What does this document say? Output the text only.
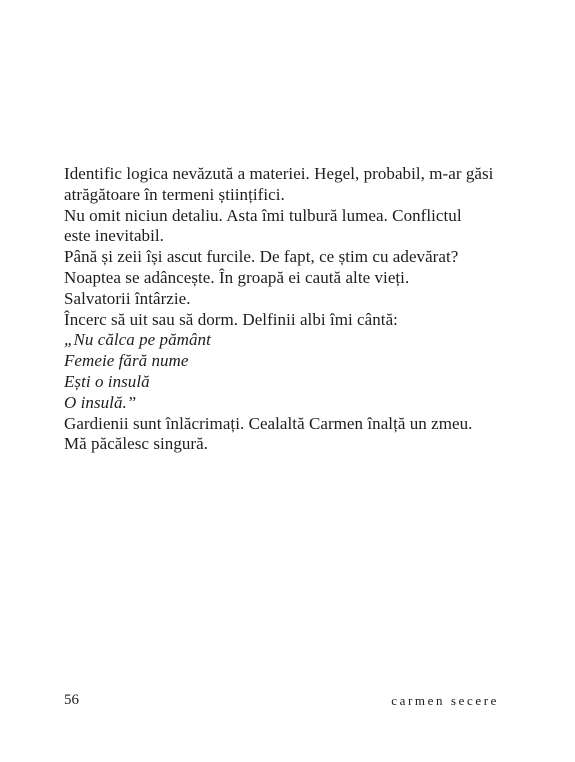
Identific logica nevăzută a materiei. Hegel, probabil, m-ar găsi
atrăgătoare în termeni științifici.
Nu omit niciun detaliu. Asta îmi tulbură lumea. Conflictul
este inevitabil.
Până și zeii își ascut furcile. De fapt, ce știm cu adevărat?
Noaptea se adâncește. În groapă ei caută alte vieți.
Salvatorii întârzie.
Încerc să uit sau să dorm. Delfinii albi îmi cântă:
„Nu călca pe pământ
Femeie fără nume
Ești o insulă
O insulă.”
Gardienii sunt înlăcrimați. Cealaltă Carmen înalță un zmeu.
Mă păcălesc singură.
56	carmen secere
